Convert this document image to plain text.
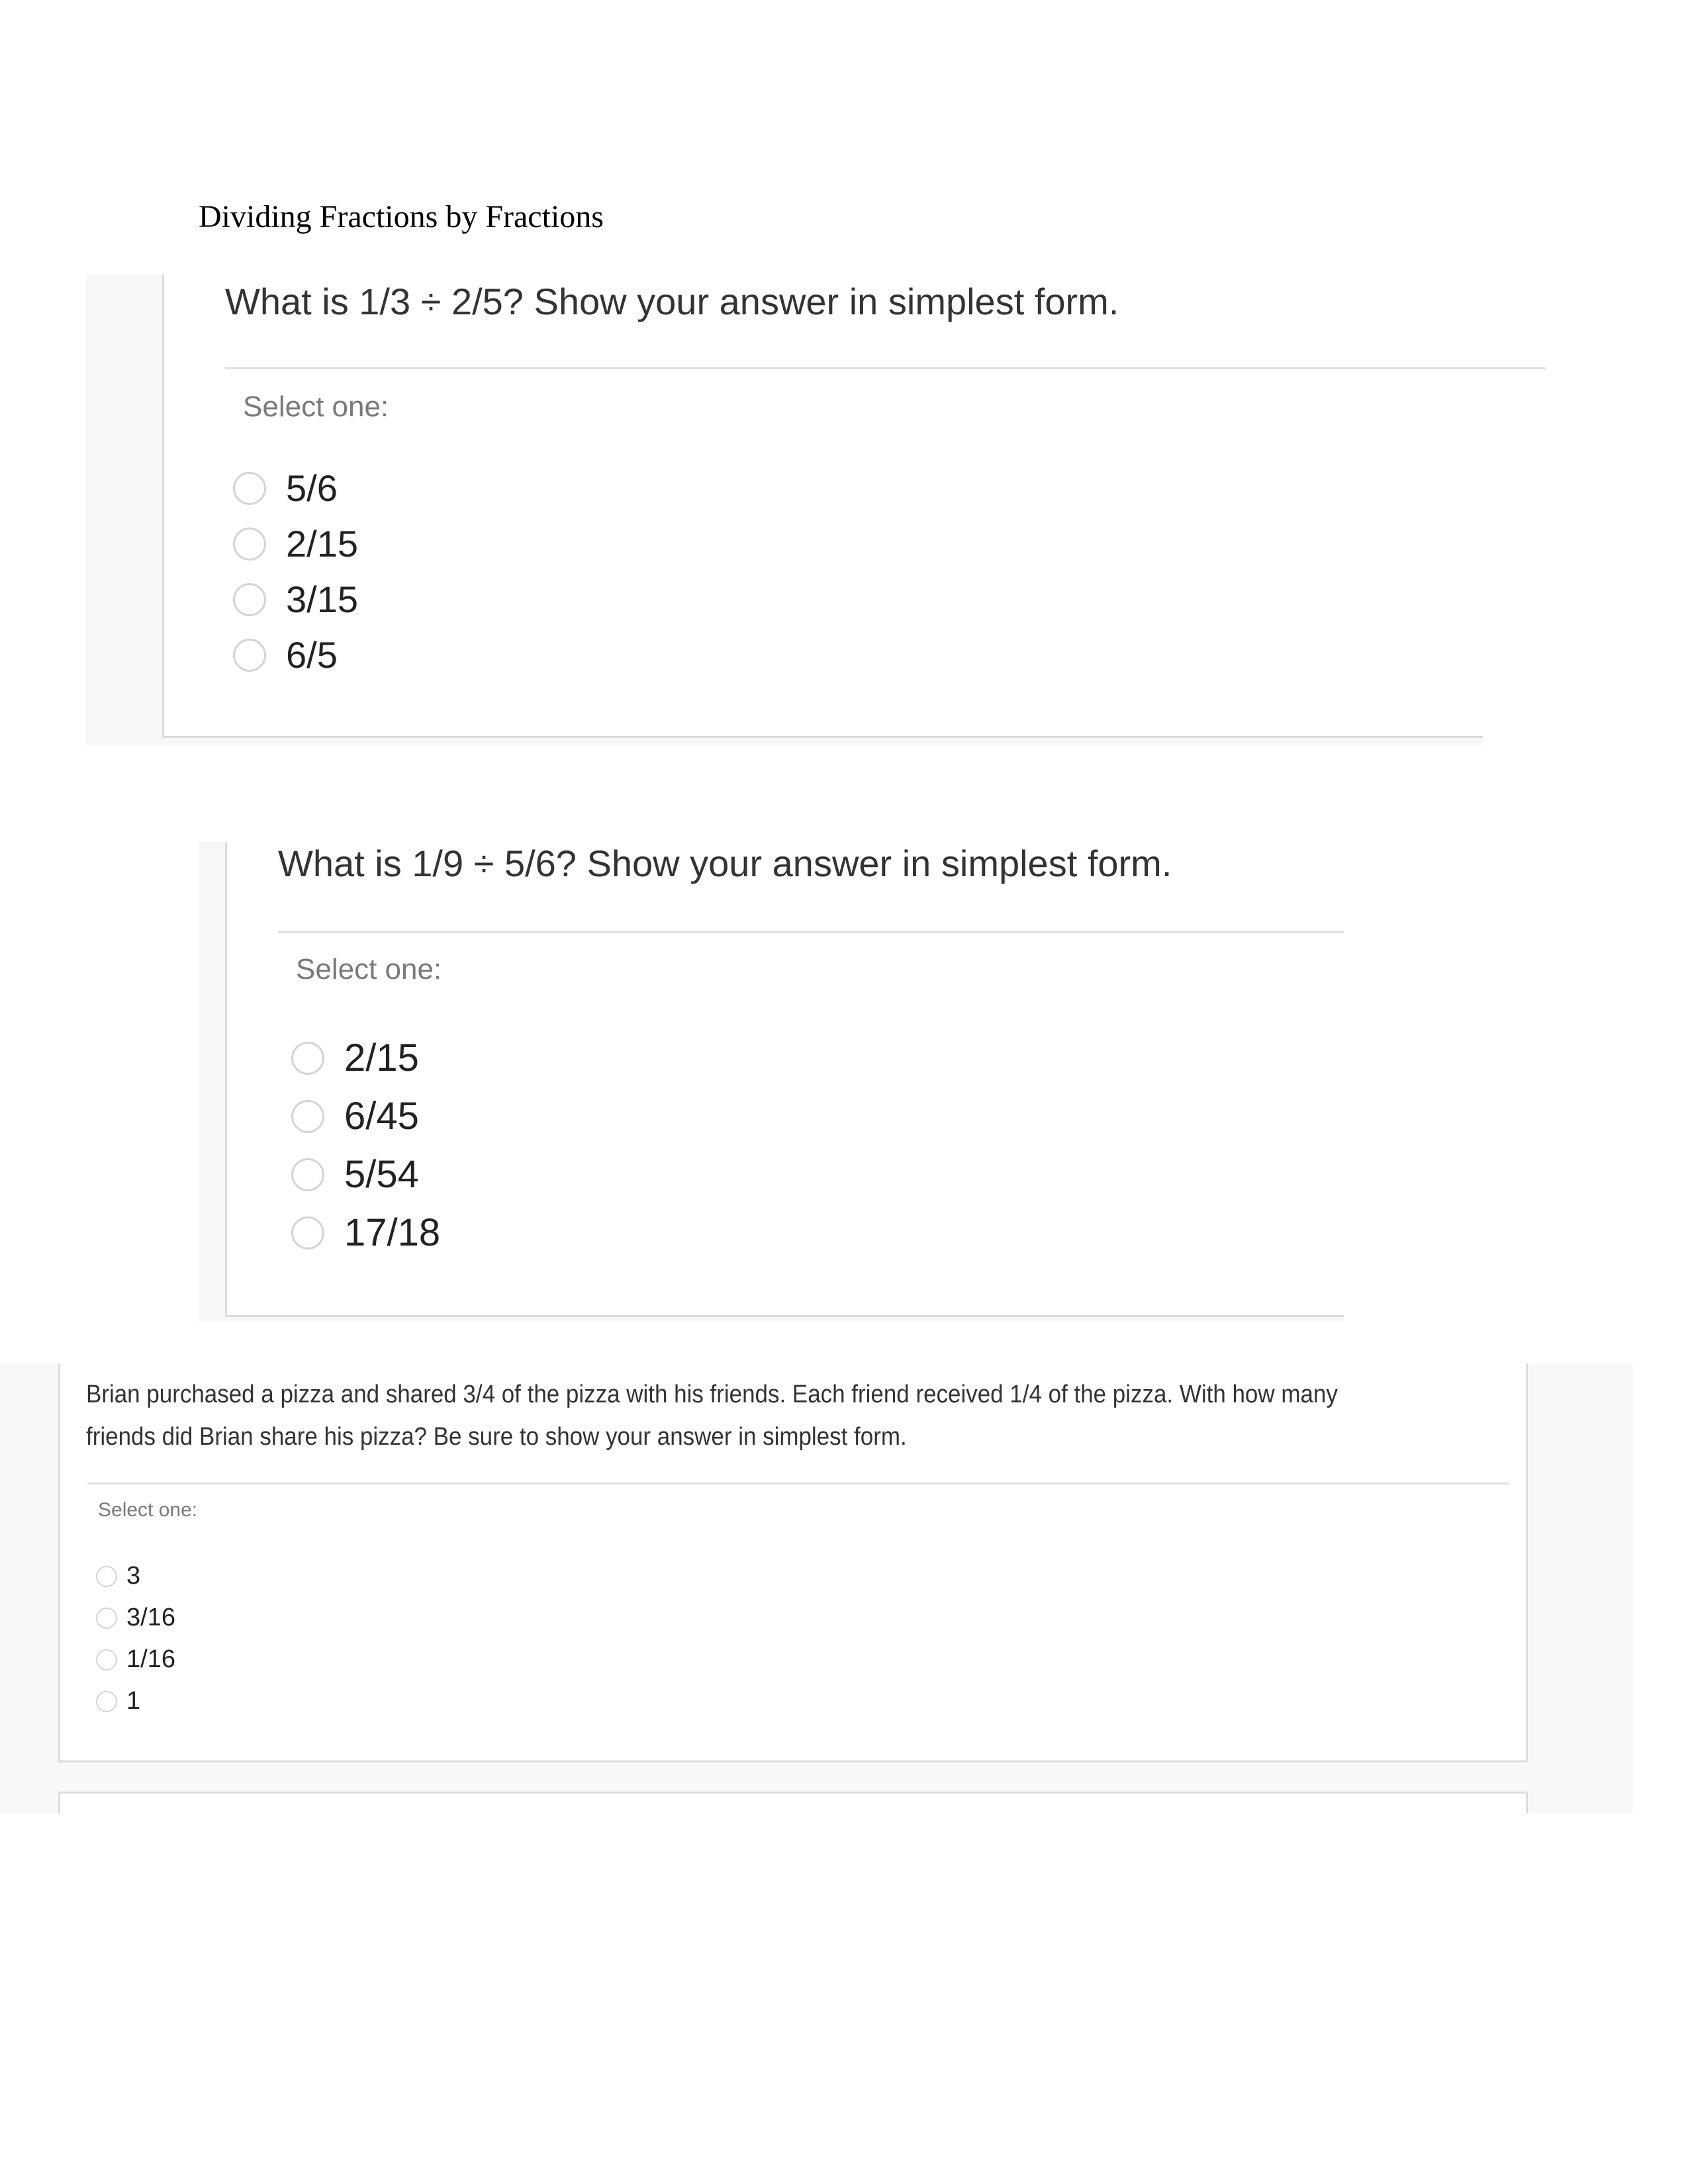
Dividing Fractions by Fractions
What is 1/3 ÷ 2/5? Show your answer in simplest form.
Select one:
5/6
2/15
3/15
6/5
What is 1/9 ÷ 5/6? Show your answer in simplest form.
Select one:
2/15
6/45
5/54
17/18
Brian purchased a pizza and shared 3/4 of the pizza with his friends. Each friend received 1/4 of the pizza. With how many friends did Brian share his pizza? Be sure to show your answer in simplest form.
Select one:
3
3/16
1/16
1
